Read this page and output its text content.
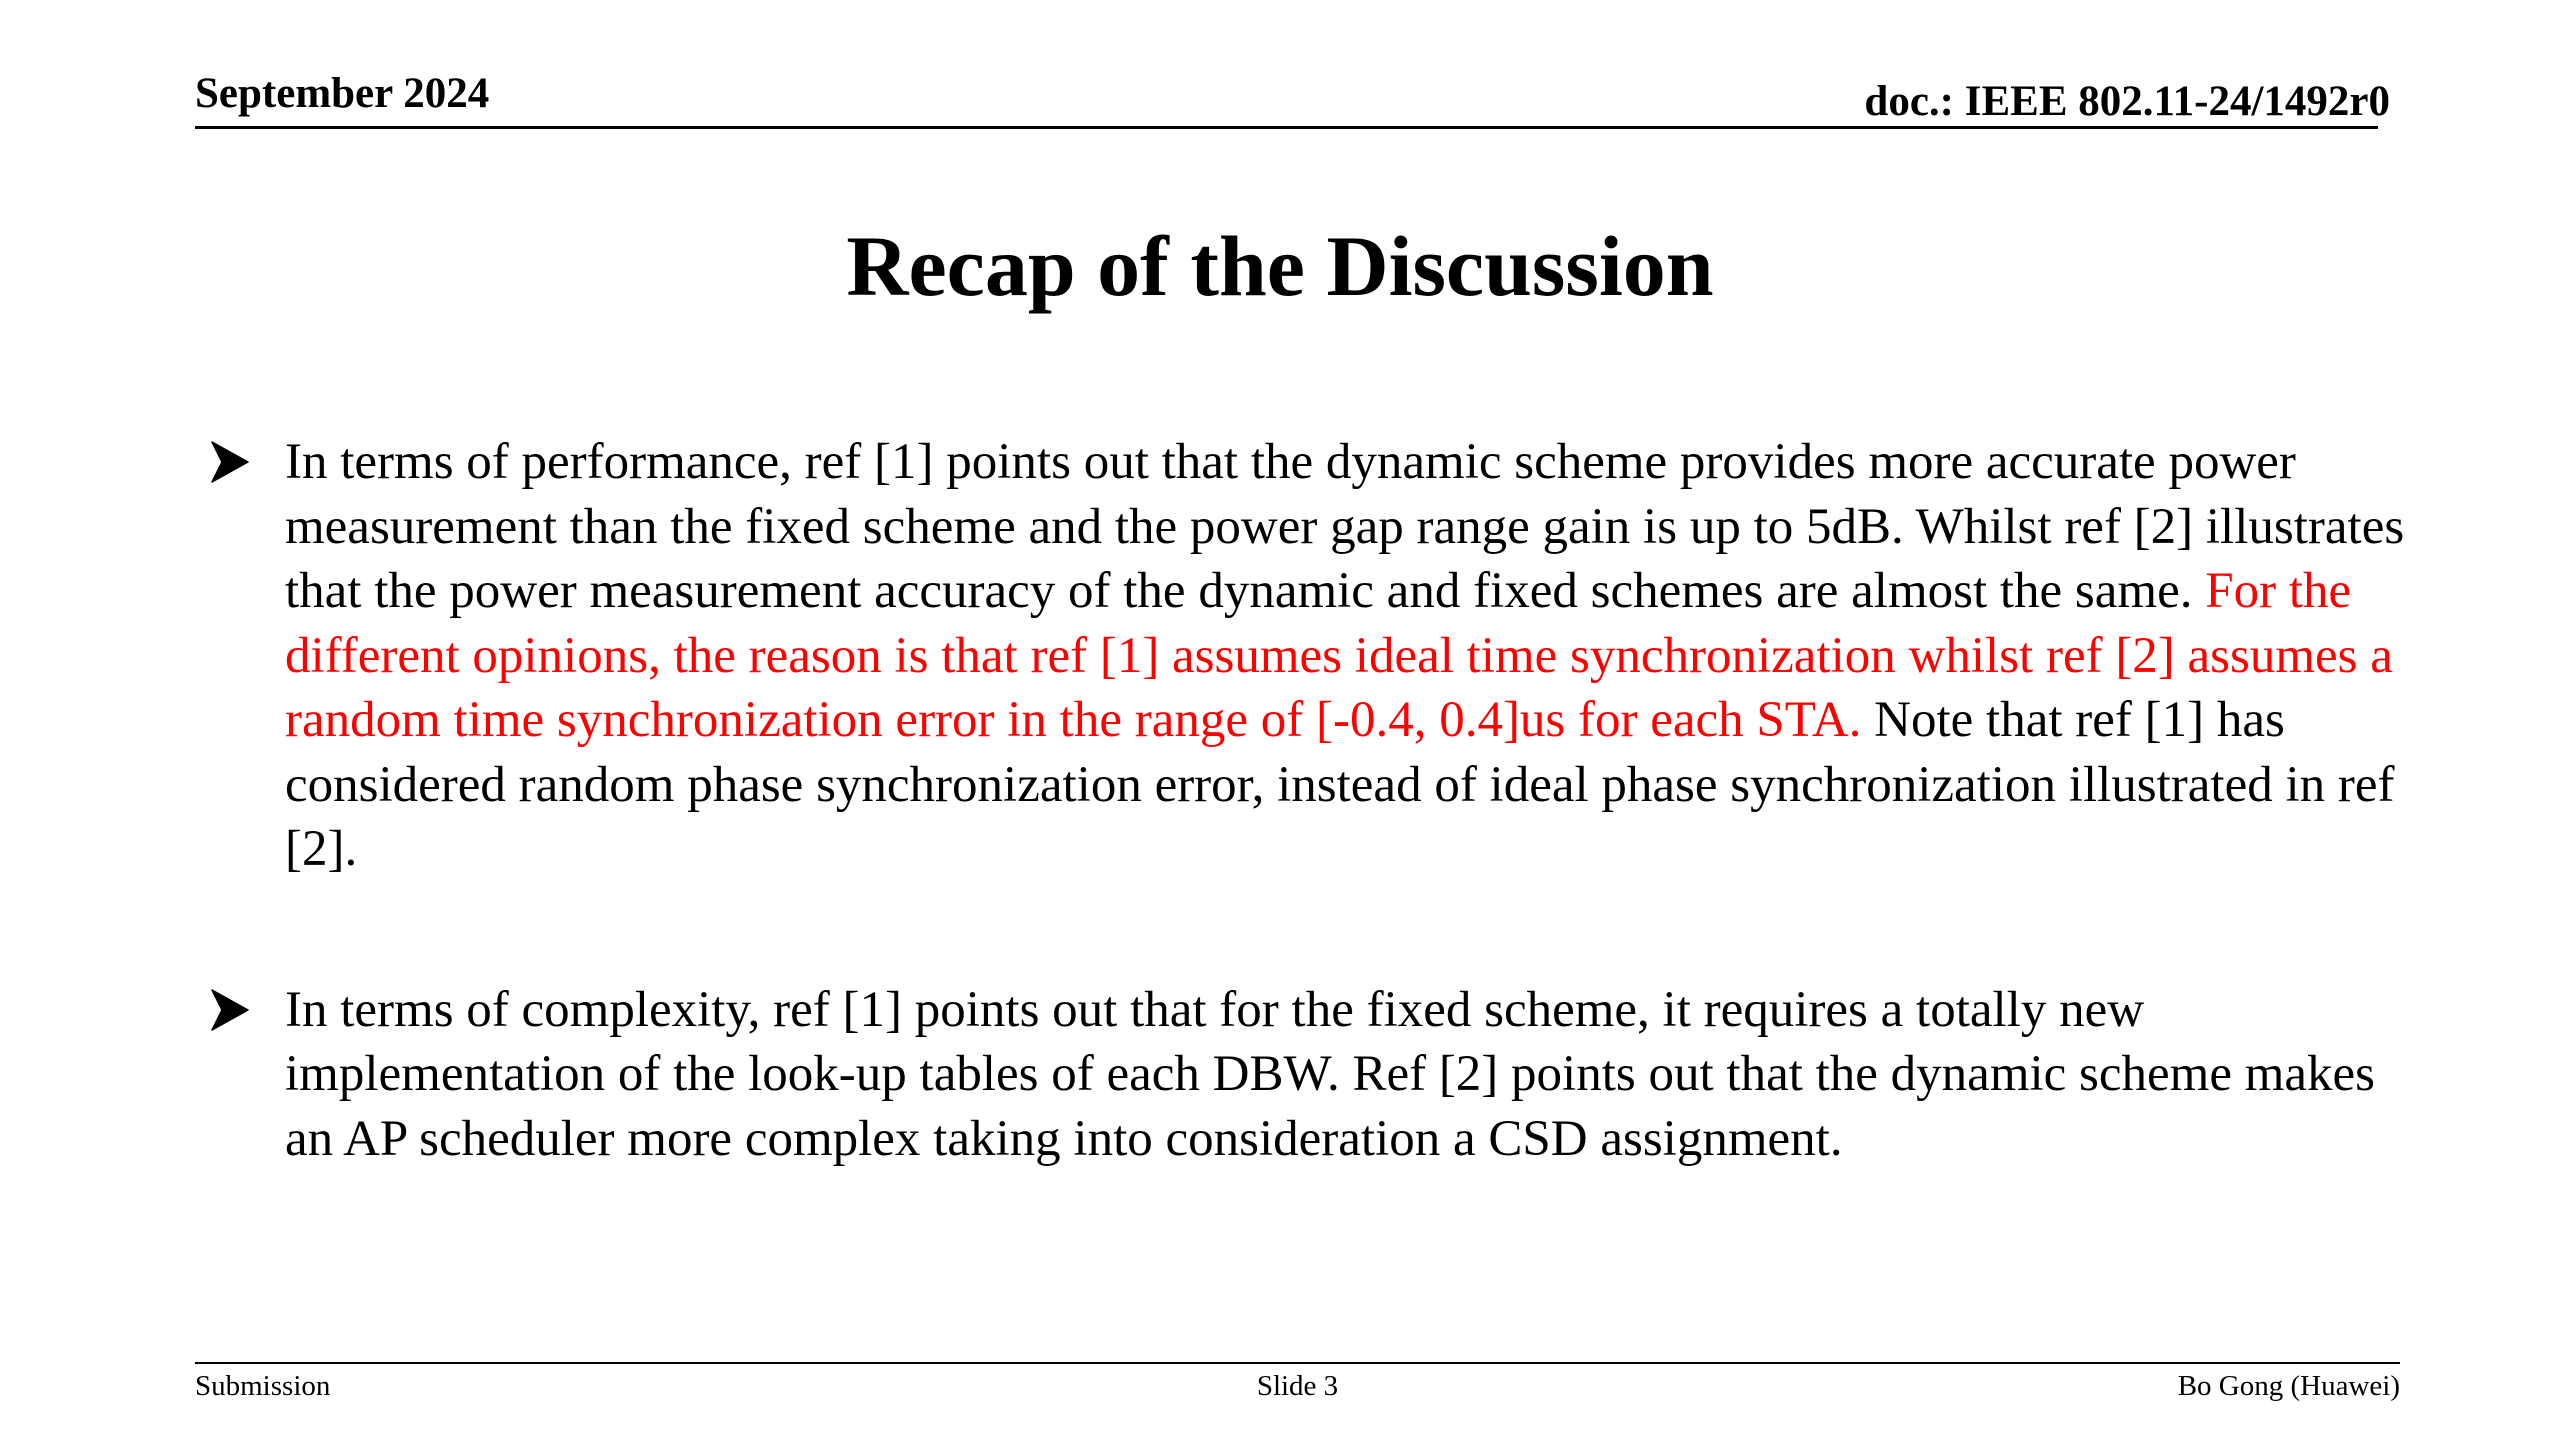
September 2024	doc.: IEEE 802.11-24/1492r0
Recap of the Discussion
In terms of performance, ref [1] points out that the dynamic scheme provides more accurate power measurement than the fixed scheme and the power gap range gain is up to 5dB. Whilst ref [2] illustrates that the power measurement accuracy of the dynamic and fixed schemes are almost the same. For the different opinions, the reason is that ref [1] assumes ideal time synchronization whilst ref [2] assumes a random time synchronization error in the range of [-0.4, 0.4]us for each STA. Note that ref [1] has considered random phase synchronization error, instead of ideal phase synchronization illustrated in ref [2].
In terms of complexity, ref [1] points out that for the fixed scheme, it requires a totally new implementation of the look-up tables of each DBW. Ref [2] points out that the dynamic scheme makes an AP scheduler more complex taking into consideration a CSD assignment.
Submission	Slide 3	Bo Gong (Huawei)
